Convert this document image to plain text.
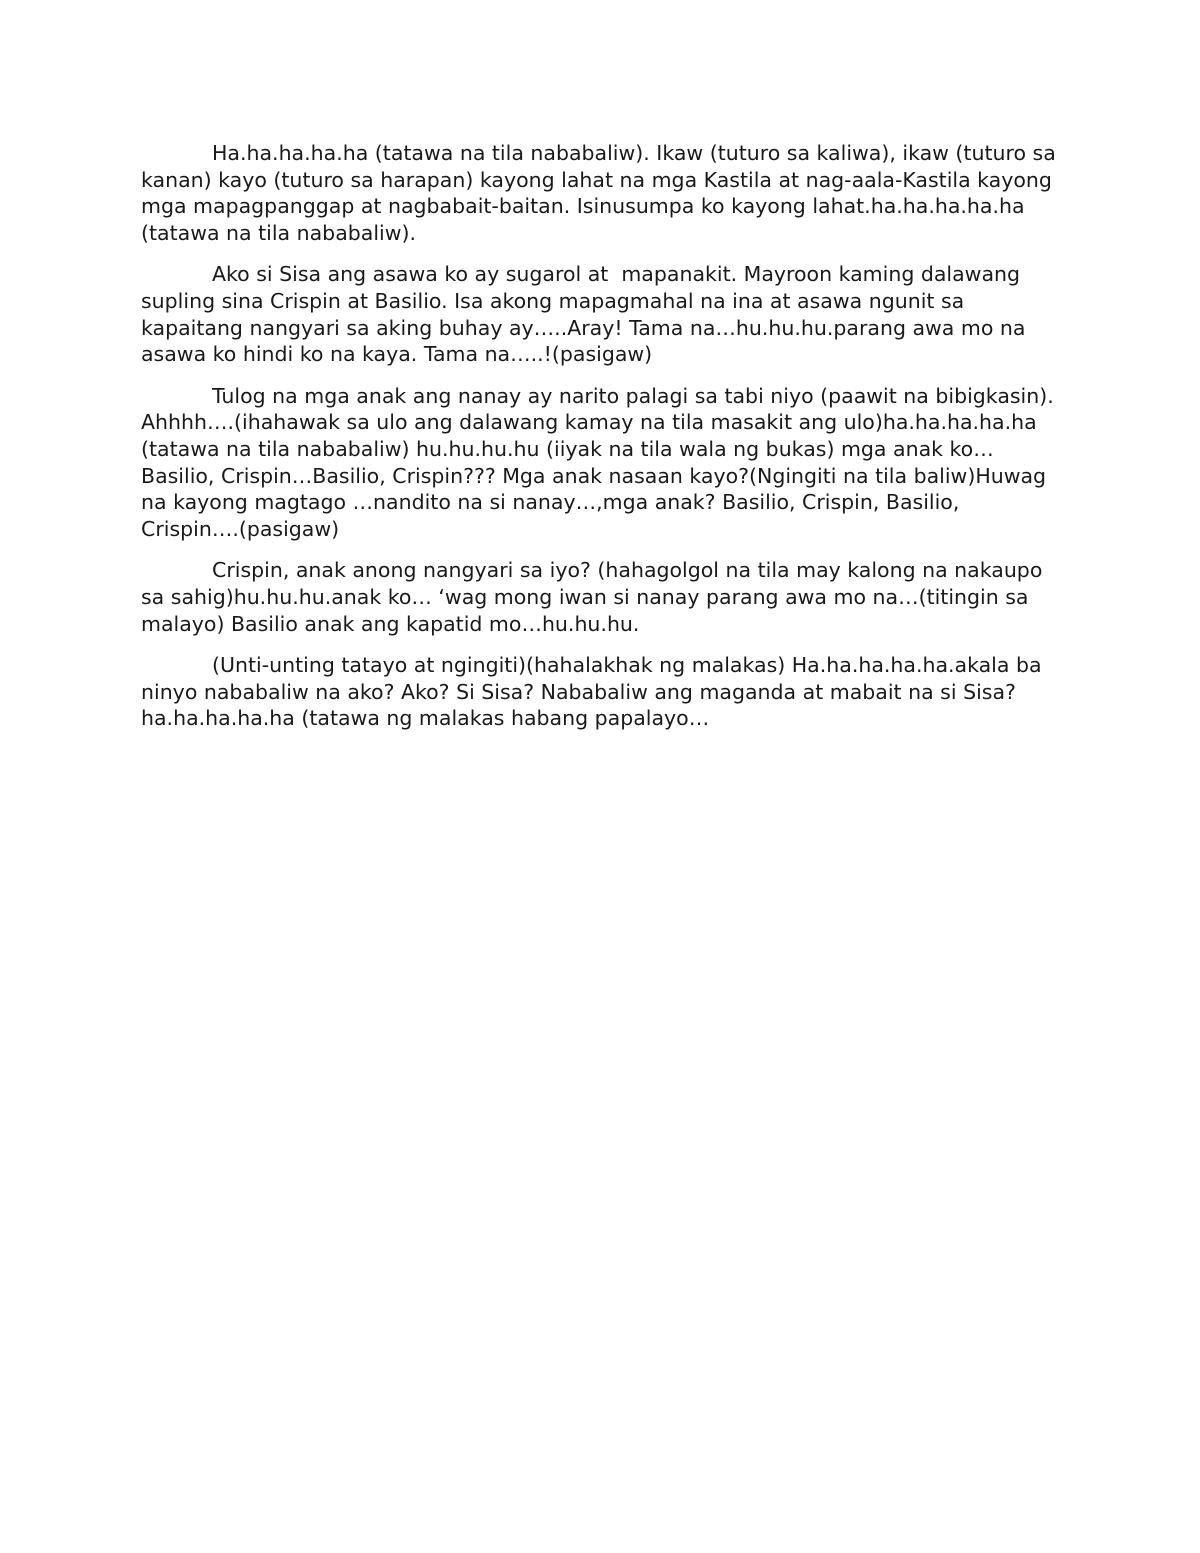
Ha.ha.ha.ha.ha (tatawa na tila nababaliw). Ikaw (tuturo sa kaliwa), ikaw (tuturo sa kanan) kayo (tuturo sa harapan) kayong lahat na mga Kastila at nag-aala-Kastila kayong mga mapagpanggap at nagbabait-baitan. Isinusumpa ko kayong lahat.ha.ha.ha.ha.ha (tatawa na tila nababaliw).

Ako si Sisa ang asawa ko ay sugarol at  mapanakit. Mayroon kaming dalawang supling sina Crispin at Basilio. Isa akong mapagmahal na ina at asawa ngunit sa kapaitang nangyari sa aking buhay ay…..Aray! Tama na…hu.hu.hu.parang awa mo na asawa ko hindi ko na kaya. Tama na…..!(pasigaw)

Tulog na mga anak ang nanay ay narito palagi sa tabi niyo (paawit na bibigkasin). Ahhhh….(ihahawak sa ulo ang dalawang kamay na tila masakit ang ulo)ha.ha.ha.ha.ha (tatawa na tila nababaliw) hu.hu.hu.hu (iiyak na tila wala ng bukas) mga anak ko…Basilio, Crispin…Basilio, Crispin??? Mga anak nasaan kayo?(Ngingiti na tila baliw)Huwag na kayong magtago …nandito na si nanay…,mga anak? Basilio, Crispin, Basilio, Crispin….(pasigaw)

Crispin, anak anong nangyari sa iyo? (hahagolgol na tila may kalong na nakaupo sa sahig)hu.hu.hu.anak ko… ‘wag mong iwan si nanay parang awa mo na…(titingin sa malayo) Basilio anak ang kapatid mo…hu.hu.hu.

(Unti-unting tatayo at ngingiti)(hahalakhak ng malakas) Ha.ha.ha.ha.ha.akala ba ninyo nababaliw na ako? Ako? Si Sisa? Nababaliw ang maganda at mabait na si Sisa?ha.ha.ha.ha.ha (tatawa ng malakas habang papalayo…
